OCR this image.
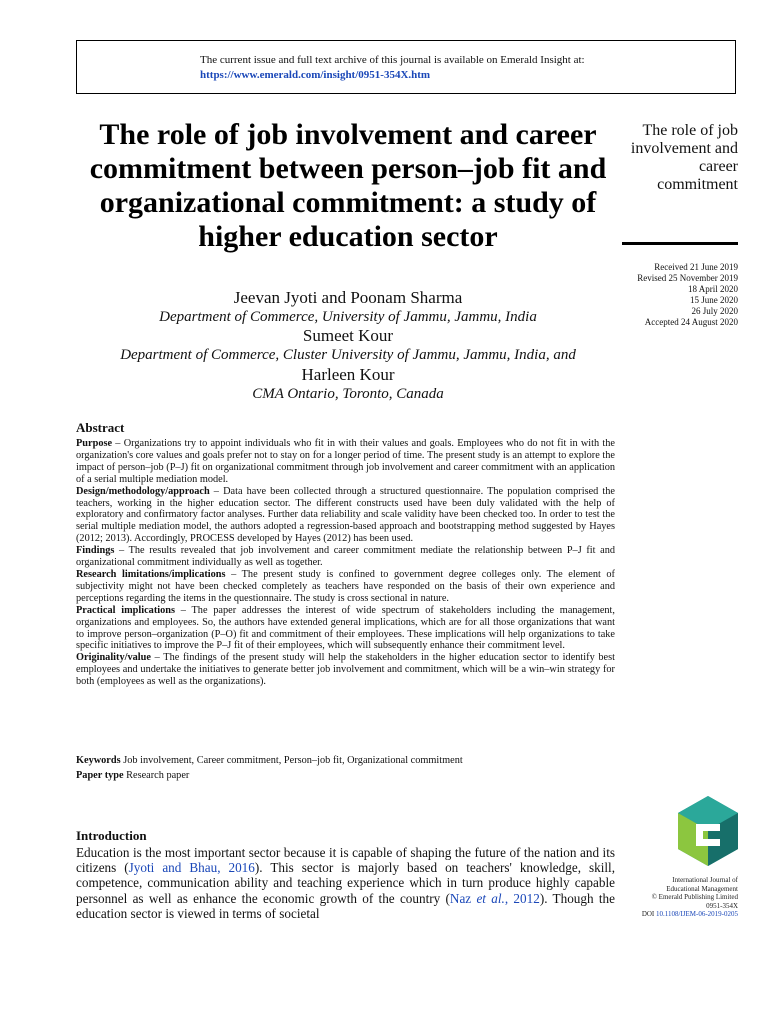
The current issue and full text archive of this journal is available on Emerald Insight at:
https://www.emerald.com/insight/0951-354X.htm
The role of job involvement and career commitment between person–job fit and organizational commitment: a study of higher education sector
Jeevan Jyoti and Poonam Sharma
Department of Commerce, University of Jammu, Jammu, India
Sumeet Kour
Department of Commerce, Cluster University of Jammu, Jammu, India, and
Harleen Kour
CMA Ontario, Toronto, Canada
The role of job involvement and career commitment
Received 21 June 2019
Revised 25 November 2019
18 April 2020
15 June 2020
26 July 2020
Accepted 24 August 2020
Abstract

Purpose – Organizations try to appoint individuals who fit in with their values and goals. Employees who do not fit in with the organization's core values and goals prefer not to stay on for a longer period of time. The present study is an attempt to explore the impact of person–job (P–J) fit on organizational commitment through job involvement and career commitment with an application of a serial multiple mediation model.

Design/methodology/approach – Data have been collected through a structured questionnaire. The population comprised the teachers, working in the higher education sector. The different constructs used have been duly validated with the help of exploratory and confirmatory factor analyses. Further data reliability and scale validity have been checked too. In order to test the serial multiple mediation model, the authors adopted a regression-based approach and bootstrapping method suggested by Hayes (2012; 2013). Accordingly, PROCESS developed by Hayes (2012) has been used.

Findings – The results revealed that job involvement and career commitment mediate the relationship between P–J fit and organizational commitment individually as well as together.

Research limitations/implications – The present study is confined to government degree colleges only. The element of subjectivity might not have been checked completely as teachers have responded on the basis of their own experience and perceptions regarding the items in the questionnaire. The study is cross sectional in nature.

Practical implications – The paper addresses the interest of wide spectrum of stakeholders including the management, organizations and employees. So, the authors have extended general implications, which are for all those organizations that want to improve person–organization (P–O) fit and commitment of their employees. These implications will help organizations to take specific initiatives to improve the P–J fit of their employees, which will subsequently enhance their commitment level.

Originality/value – The findings of the present study will help the stakeholders in the higher education sector to identify best employees and undertake the initiatives to generate better job involvement and commitment, which will be a win–win strategy for both (employees as well as the organizations).

Keywords Job involvement, Career commitment, Person–job fit, Organizational commitment
Paper type Research paper
International Journal of
Educational Management
© Emerald Publishing Limited
0951-354X
DOI 10.1108/IJEM-06-2019-0205
Introduction

Education is the most important sector because it is capable of shaping the future of the nation and its citizens (Jyoti and Bhau, 2016). This sector is majorly based on teachers' knowledge, skill, competence, communication ability and teaching experience which in turn produce highly capable personnel as well as enhance the economic growth of the country (Naz et al., 2012). Though the education sector is viewed in terms of societal
